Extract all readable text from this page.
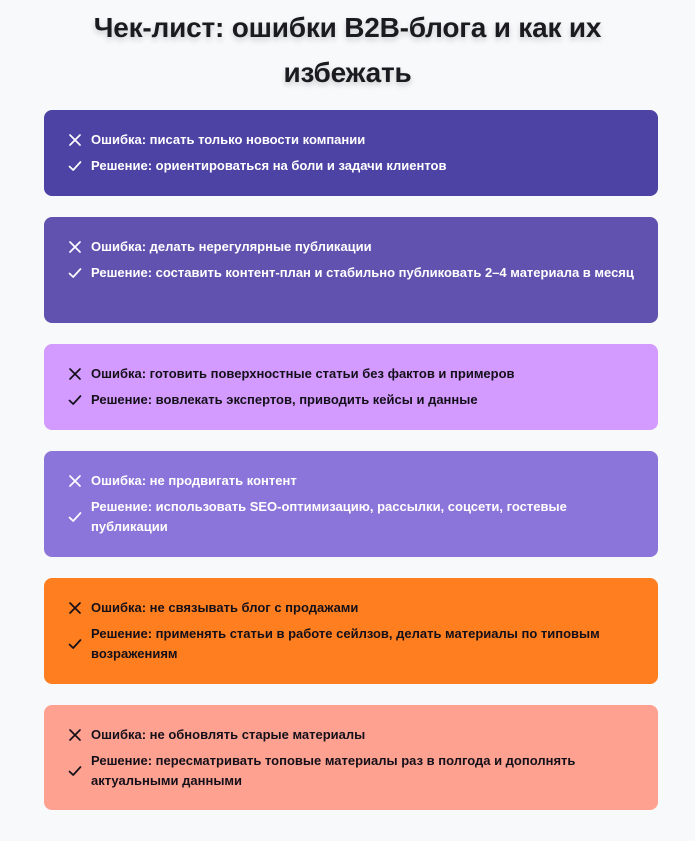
Чек-лист: ошибки B2B-блога и как их избежать
Ошибка: писать только новости компании
Решение: ориентироваться на боли и задачи клиентов
Ошибка: делать нерегулярные публикации
Решение: составить контент-план и стабильно публиковать 2–4 материала в месяц
Ошибка: готовить поверхностные статьи без фактов и примеров
Решение: вовлекать экспертов, приводить кейсы и данные
Ошибка: не продвигать контент
Решение: использовать SEO-оптимизацию, рассылки, соцсети, гостевые публикации
Ошибка: не связывать блог с продажами
Решение: применять статьи в работе сейлзов, делать материалы по типовым возражениям
Ошибка: не обновлять старые материалы
Решение: пересматривать топовые материалы раз в полгода и дополнять актуальными данными
